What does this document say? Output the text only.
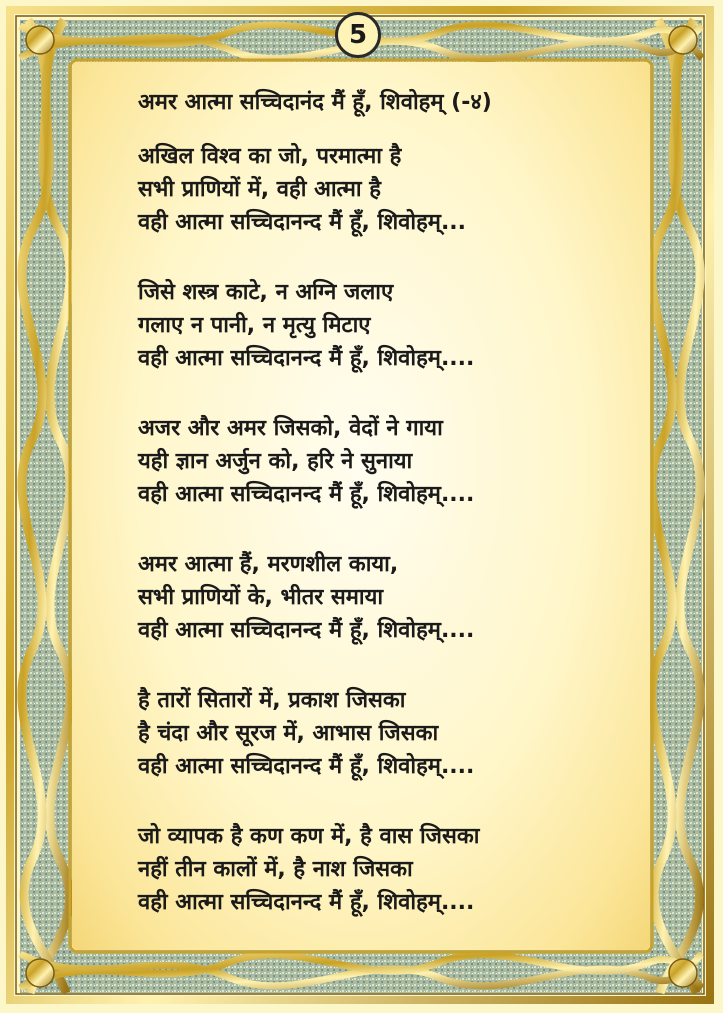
5
अमर आत्मा सच्चिदानंद मैं हूँ, शिवोहम् (-४)
अखिल विश्व का जो, परमात्मा है
सभी प्राणियों में, वही आत्मा है
वही आत्मा सच्चिदानन्द मैं हूँ, शिवोहम्...
जिसे शस्त्र काटे, न अग्नि जलाए
गलाए न पानी, न मृत्यु मिटाए
वही आत्मा सच्चिदानन्द मैं हूँ, शिवोहम्....
अजर और अमर जिसको, वेदों ने गाया
यही ज्ञान अर्जुन को, हरि ने सुनाया
वही आत्मा सच्चिदानन्द मैं हूँ, शिवोहम्....
अमर आत्मा हैं, मरणशील काया,
सभी प्राणियों के, भीतर समाया
वही आत्मा सच्चिदानन्द मैं हूँ, शिवोहम्....
है तारों सितारों में, प्रकाश जिसका
है चंदा और सूरज में, आभास जिसका
वही आत्मा सच्चिदानन्द मैं हूँ, शिवोहम्....
जो व्यापक है कण कण में, है वास जिसका
नहीं तीन कालों में, है नाश जिसका
वही आत्मा सच्चिदानन्द मैं हूँ, शिवोहम्....
